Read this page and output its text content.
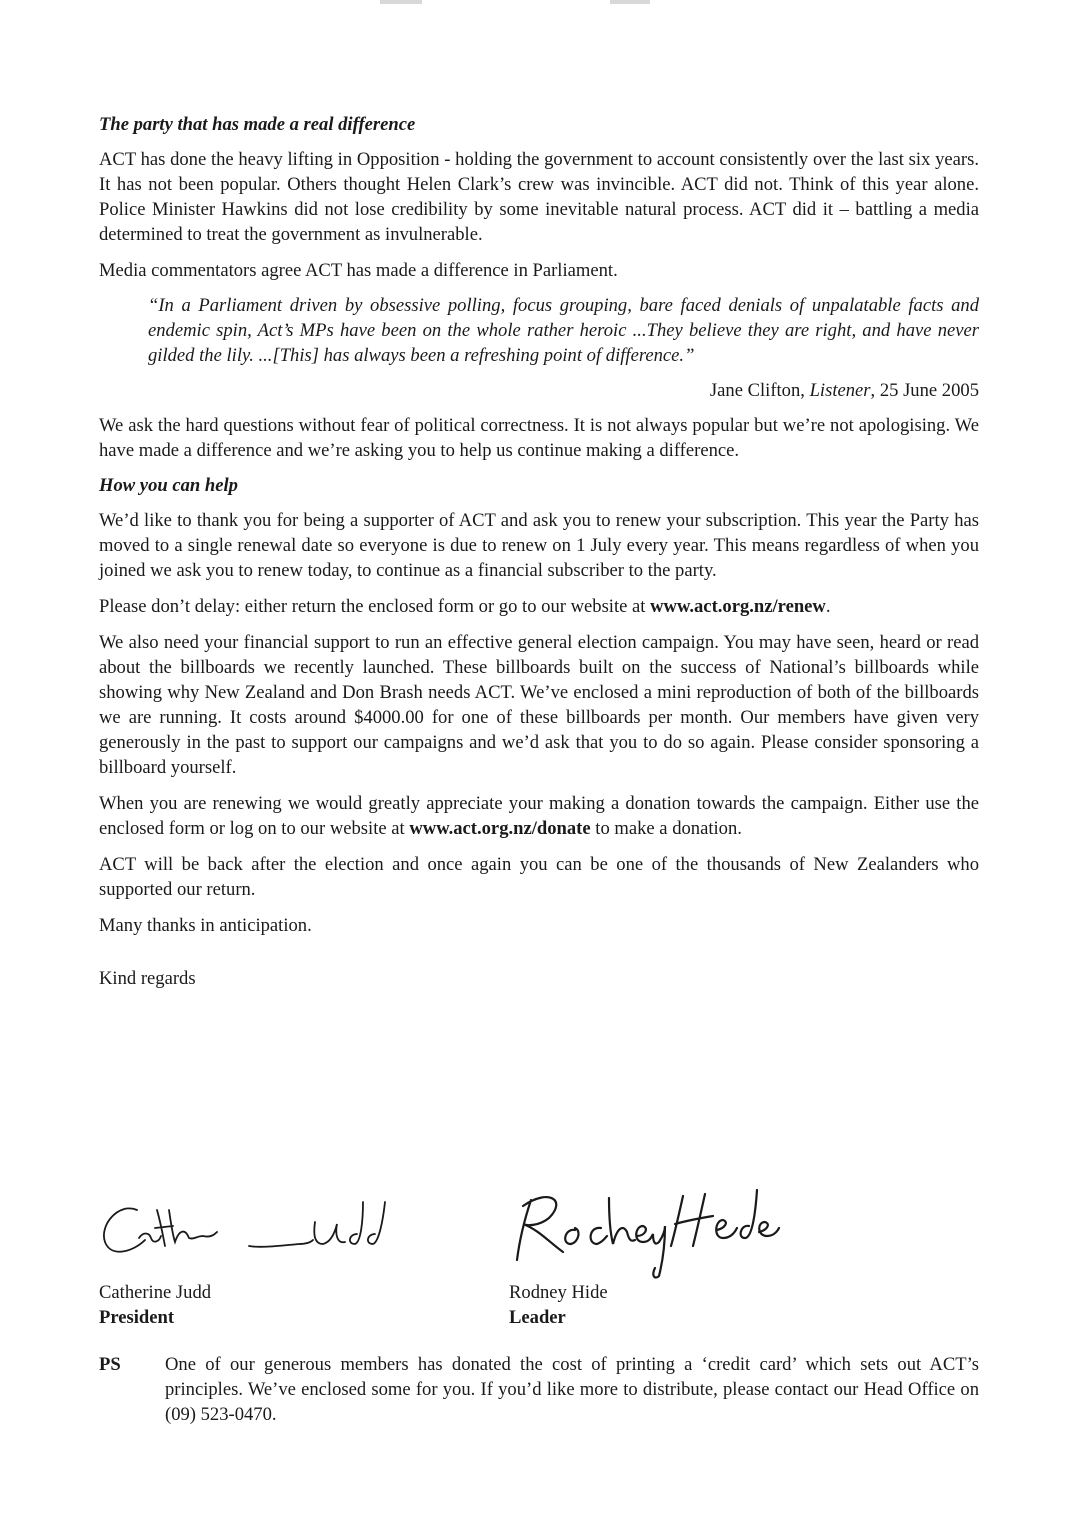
The party that has made a real difference

ACT has done the heavy lifting in Opposition - holding the government to account consistently over the last six years. It has not been popular. Others thought Helen Clark’s crew was invincible. ACT did not. Think of this year alone. Police Minister Hawkins did not lose credibility by some inevitable natural process. ACT did it – battling a media determined to treat the government as invulnerable.

Media commentators agree ACT has made a difference in Parliament.

“In a Parliament driven by obsessive polling, focus grouping, bare faced denials of unpalatable facts and endemic spin, Act’s MPs have been on the whole rather heroic ...They believe they are right, and have never gilded the lily. ...[This] has always been a refreshing point of difference.”

Jane Clifton, Listener, 25 June 2005

We ask the hard questions without fear of political correctness. It is not always popular but we’re not apologising. We have made a difference and we’re asking you to help us continue making a difference.

How you can help

We’d like to thank you for being a supporter of ACT and ask you to renew your subscription. This year the Party has moved to a single renewal date so everyone is due to renew on 1 July every year. This means regardless of when you joined we ask you to renew today, to continue as a financial subscriber to the party.

Please don’t delay: either return the enclosed form or go to our website at www.act.org.nz/renew.

We also need your financial support to run an effective general election campaign. You may have seen, heard or read about the billboards we recently launched. These billboards built on the success of National’s billboards while showing why New Zealand and Don Brash needs ACT. We’ve enclosed a mini reproduction of both of the billboards we are running. It costs around $4000.00 for one of these billboards per month. Our members have given very generously in the past to support our campaigns and we’d ask that you to do so again. Please consider sponsoring a billboard yourself.

When you are renewing we would greatly appreciate your making a donation towards the campaign. Either use the enclosed form or log on to our website at www.act.org.nz/donate to make a donation.

ACT will be back after the election and once again you can be one of the thousands of New Zealanders who supported our return.

Many thanks in anticipation.

Kind regards

Catherine Judd
President
Rodney Hide
Leader
PS One of our generous members has donated the cost of printing a ‘credit card’ which sets out ACT’s principles. We’ve enclosed some for you. If you’d like more to distribute, please contact our Head Office on (09) 523-0470.
